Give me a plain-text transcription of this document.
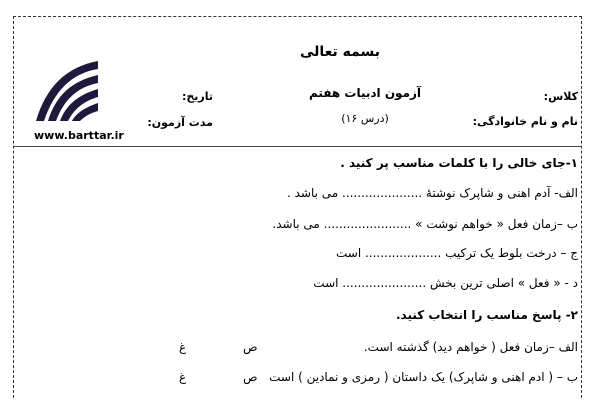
بسمه تعالی
www.barttar.ir
کلاس:
نام و نام خانوادگی:
آزمون ادبیات هفتم
(درس ۱۶)
تاریخ:
مدت آزمون:
۱-جای خالی را با کلمات مناسب پر کنید .
الف- آدم اهنی و شاپرک نوشتهٔ ..................... می باشد .
ب –زمان فعل « خواهم نوشت » ....................... می باشد.
ج – درخت بلوط یک ترکیب .................... است
د - « فعل » اصلی ترین بخش ...................... است
۲- پاسخ مناسب را انتخاب کنید.
الف –زمان فعل ( خواهم دید) گذشته است.
ص
غ
ب – ( ادم اهنی و شاپرک) یک داستان ( رمزی و نمادین ) است
ص
غ
